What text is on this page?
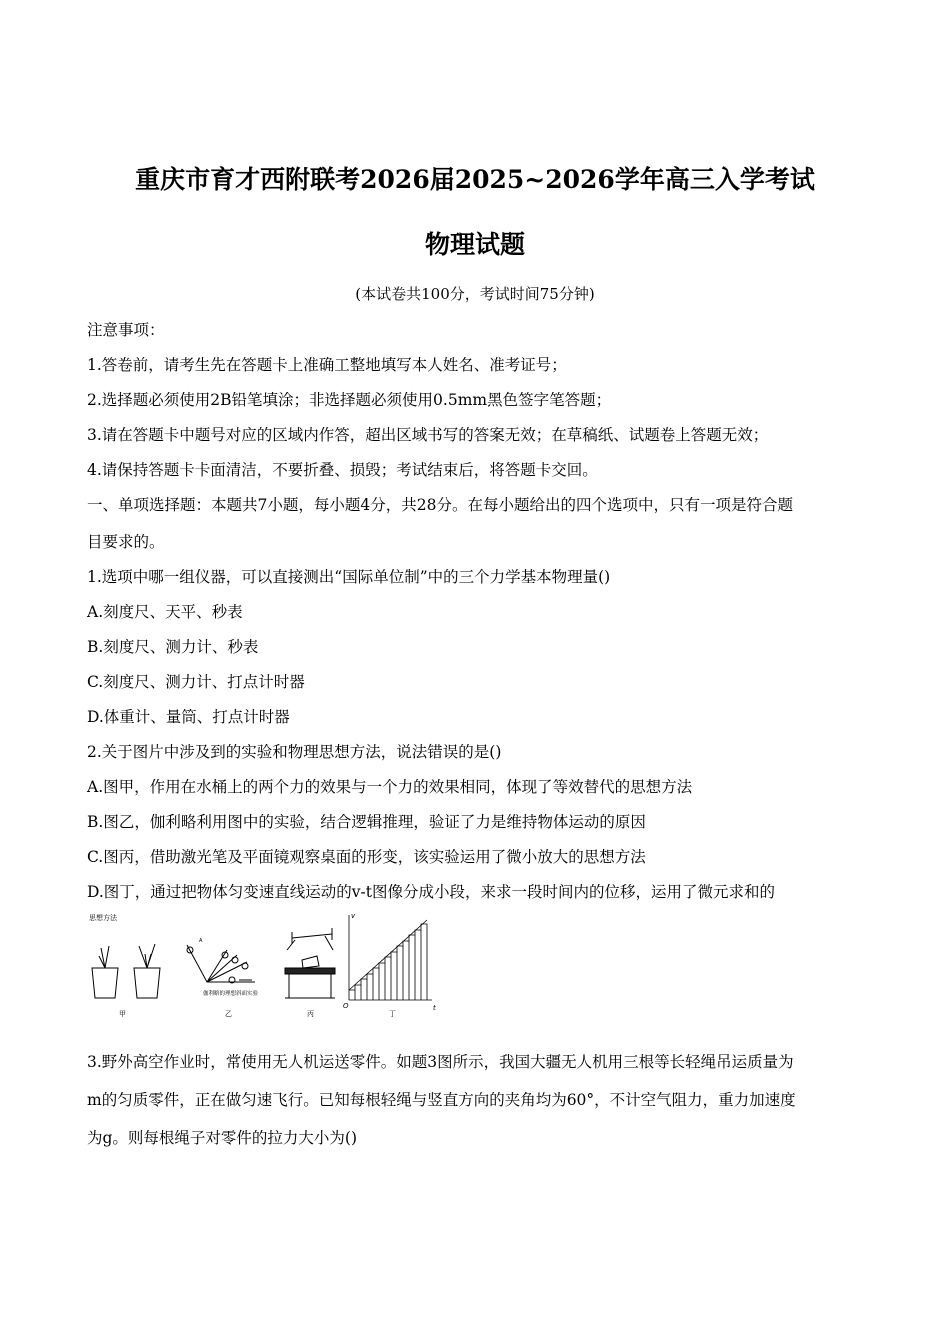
重庆市育才西附联考2026届2025~2026学年高三入学考试
物理试题
(本试卷共100分，考试时间75分钟)
注意事项：
1.答卷前，请考生先在答题卡上准确工整地填写本人姓名、准考证号；
2.选择题必须使用2B铅笔填涂；非选择题必须使用0.5mm黑色签字笔答题；
3.请在答题卡中题号对应的区域内作答，超出区域书写的答案无效；在草稿纸、试题卷上答题无效；
4.请保持答题卡卡面清洁，不要折叠、损毁；考试结束后，将答题卡交回。
一、单项选择题：本题共7小题，每小题4分，共28分。在每小题给出的四个选项中，只有一项是符合题
目要求的。
1.选项中哪一组仪器，可以直接测出“国际单位制”中的三个力学基本物理量()
A.刻度尺、天平、秒表
B.刻度尺、测力计、秒表
C.刻度尺、测力计、打点计时器
D.体重计、量筒、打点计时器
2.关于图片中涉及到的实验和物理思想方法，说法错误的是()
A.图甲，作用在水桶上的两个力的效果与一个力的效果相同，体现了等效替代的思想方法
B.图乙，伽利略利用图中的实验，结合逻辑推理，验证了力是维持物体运动的原因
C.图丙，借助激光笔及平面镜观察桌面的形变，该实验运用了微小放大的思想方法
D.图丁，通过把物体匀变速直线运动的v-t图像分成小段，来求一段时间内的位移，运用了微元求和的
思想方法
甲
A
伽利略的理想斜面实验
乙	丙
v
t
O
丁
3.野外高空作业时，常使用无人机运送零件。如题3图所示，我国大疆无人机用三根等长轻绳吊运质量为
m的匀质零件，正在做匀速飞行。已知每根轻绳与竖直方向的夹角均为60°，不计空气阻力，重力加速度
为g。则每根绳子对零件的拉力大小为()
